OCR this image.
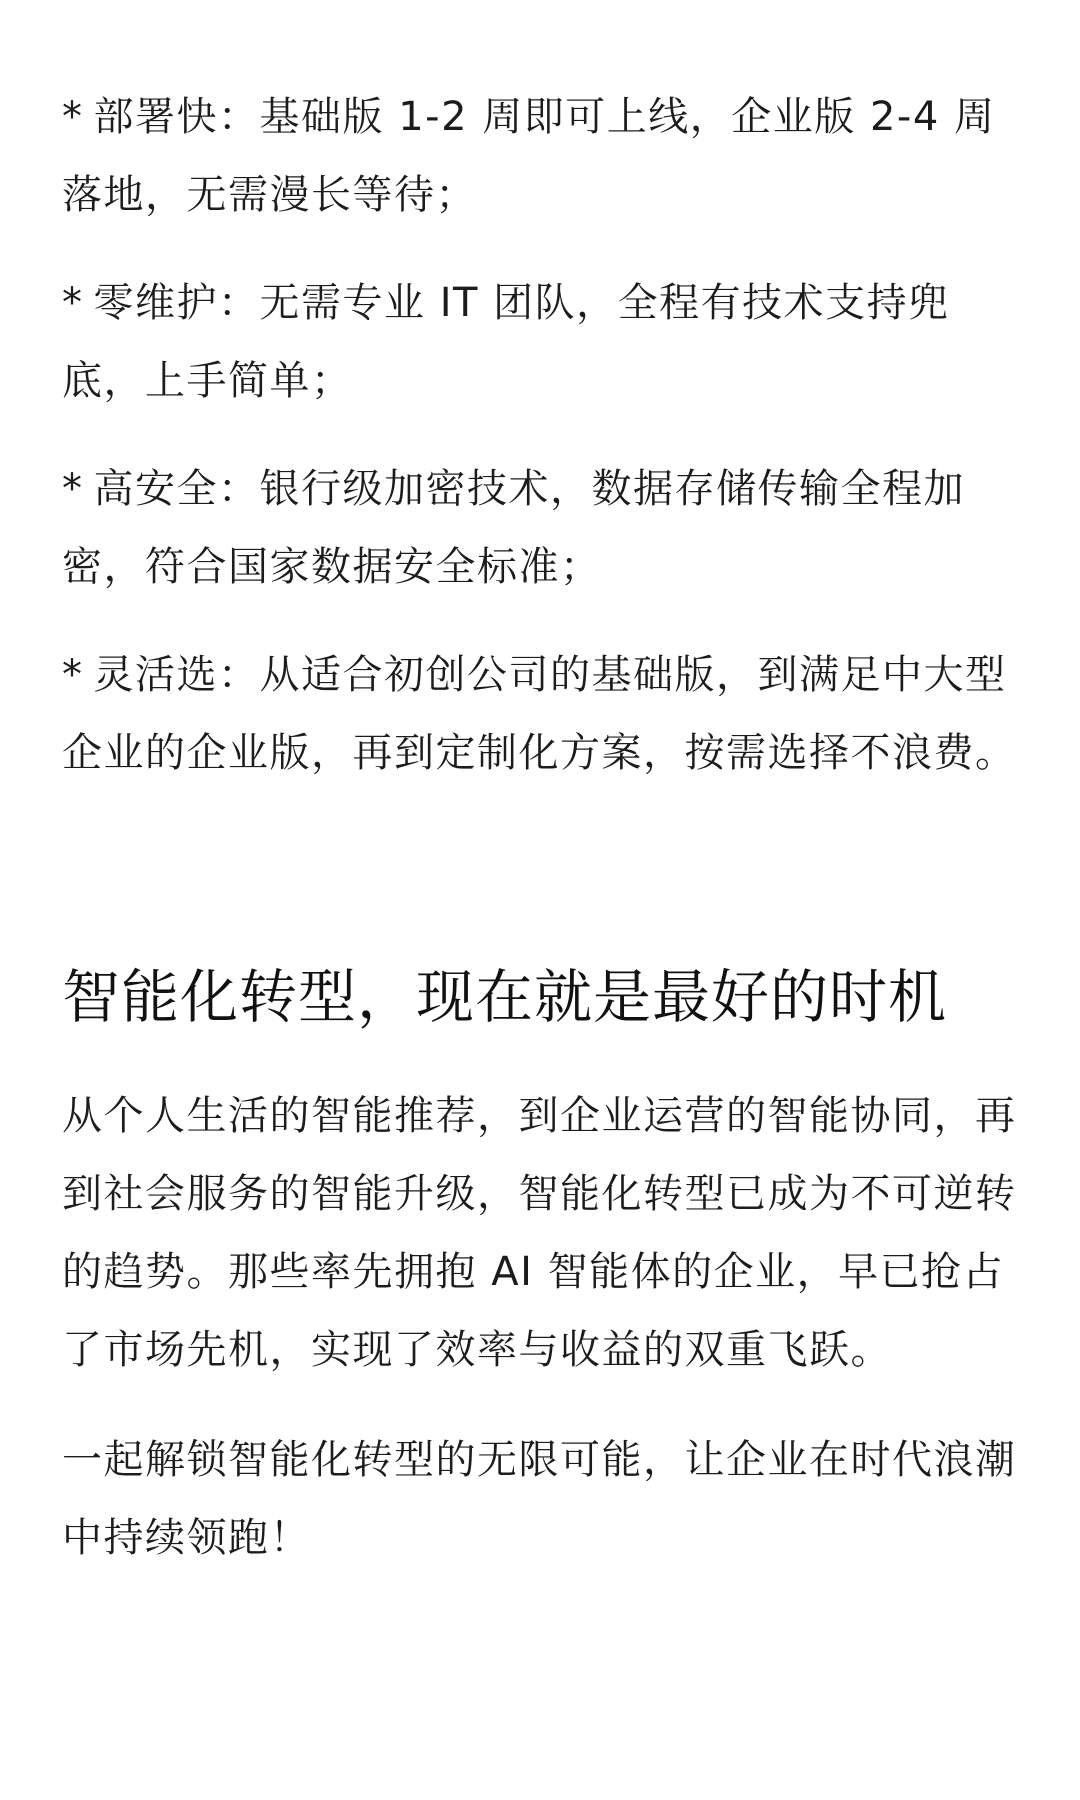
* 部署快：基础版 1-2 周即可上线，企业版 2-4 周落地，无需漫长等待；

* 零维护：无需专业 IT 团队，全程有技术支持兜底，上手简单；

* 高安全：银行级加密技术，数据存储传输全程加密，符合国家数据安全标准；

* 灵活选：从适合初创公司的基础版，到满足中大型企业的企业版，再到定制化方案，按需选择不浪费。

智能化转型，现在就是最好的时机

从个人生活的智能推荐，到企业运营的智能协同，再到社会服务的智能升级，智能化转型已成为不可逆转的趋势。那些率先拥抱 AI 智能体的企业，早已抢占了市场先机，实现了效率与收益的双重飞跃。

一起解锁智能化转型的无限可能，让企业在时代浪潮中持续领跑！
